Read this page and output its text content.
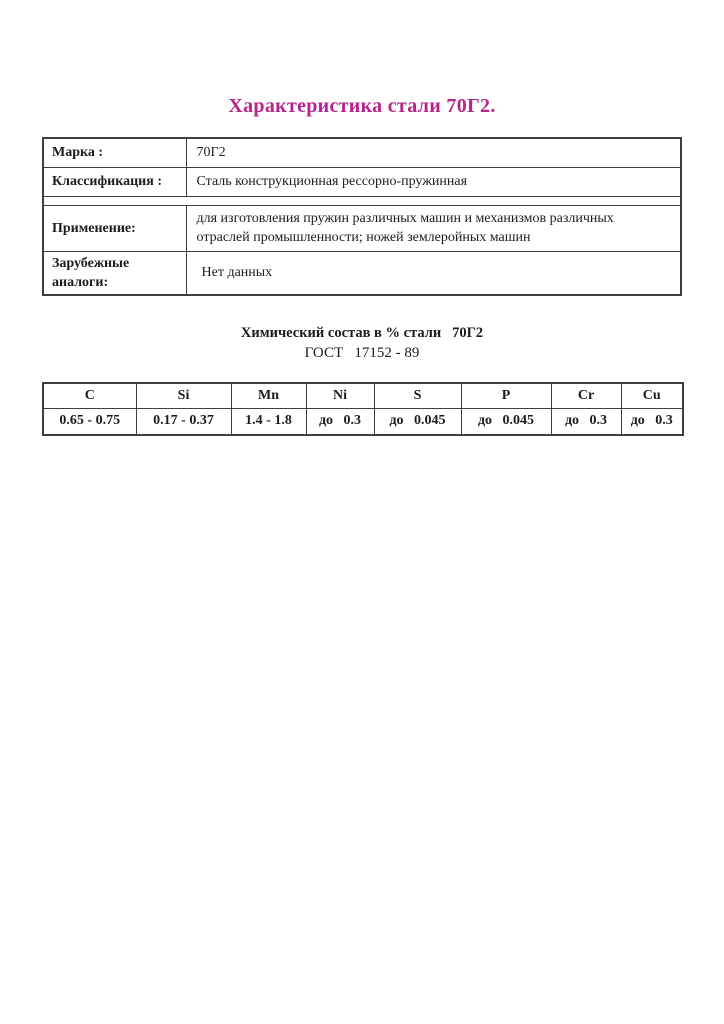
Характеристика стали 70Г2.
Марка :	70Г2
Классификация :	Сталь конструкционная рессорно-пружинная

Применение:	для изготовления пружин различных машин и механизмов различных отраслей промышленности; ножей землеройных машин
Зарубежные аналоги:	Нет данных
Химический состав в % стали   70Г2
ГОСТ   17152 - 89
C	Si	Mn	Ni	S	P	Cr	Cu
0.65 - 0.75	0.17 - 0.37	1.4 - 1.8	до   0.3	до   0.045	до   0.045	до   0.3	до   0.3
